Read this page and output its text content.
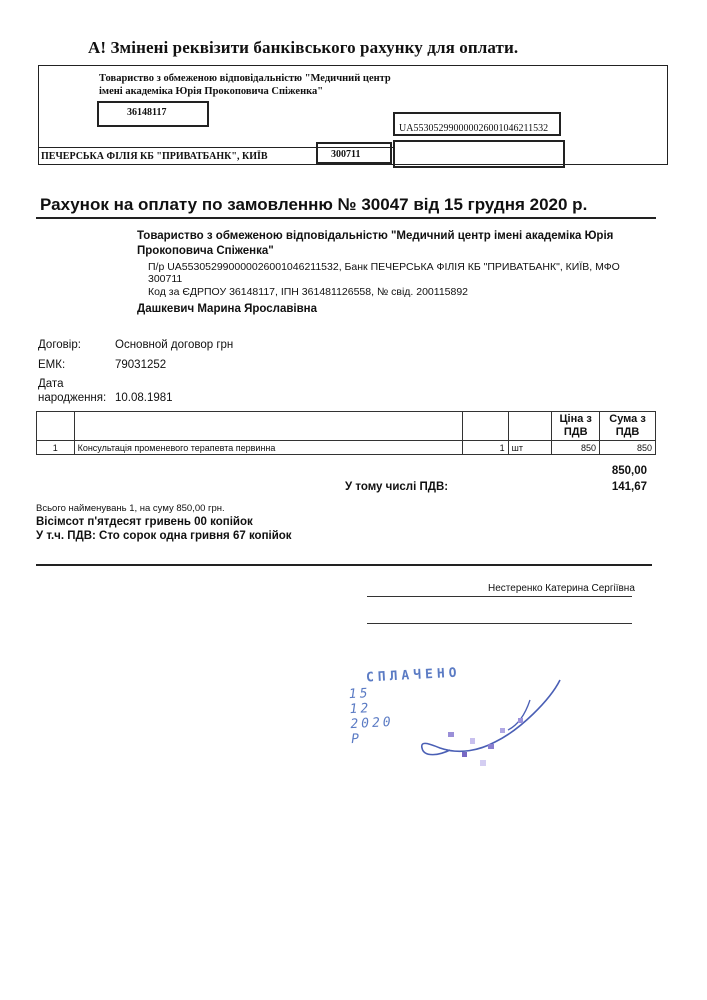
А! Змінені реквізити банківського рахунку для оплати.
Товариство з обмеженою відповідальністю "Медичний центр імені академіка Юрія Прокоповича Спіженка"
36148117
UA553052990000026001046211532
ПЕЧЕРСЬКА ФІЛІЯ КБ "ПРИВАТБАНК", КИЇВ	300711
Рахунок на оплату по замовленню № 30047 від 15 грудня 2020 р.
Товариство з обмеженою відповідальністю "Медичний центр імені академіка Юрія Прокоповича Спіженка"
П/р UA553052990000026001046211532, Банк ПЕЧЕРСЬКА ФІЛІЯ КБ "ПРИВАТБАНК", КИЇВ, МФО
300711
Код за ЄДРПОУ 36148117, ІПН 361481126558, № свід. 200115892
Дашкевич Марина Ярославівна
Договір:	Основной договор грн
ЕМК:	79031252
Дата
народження: 10.08.1981
				Ціна з ПДВ	Сума з ПДВ
1	Консультація променевого терапевта первинна	1	шт	850	850
850,00
У тому числі ПДВ:	141,67
Всього найменувань 1, на суму 850,00 грн.
Вісімсот п'ятдесят гривень 00 копійок
У т.ч. ПДВ: Сто сорок одна гривня 67 копійок
Нестеренко Катерина Сергіївна
СПЛАЧЕНО
15 12 2020 Р
